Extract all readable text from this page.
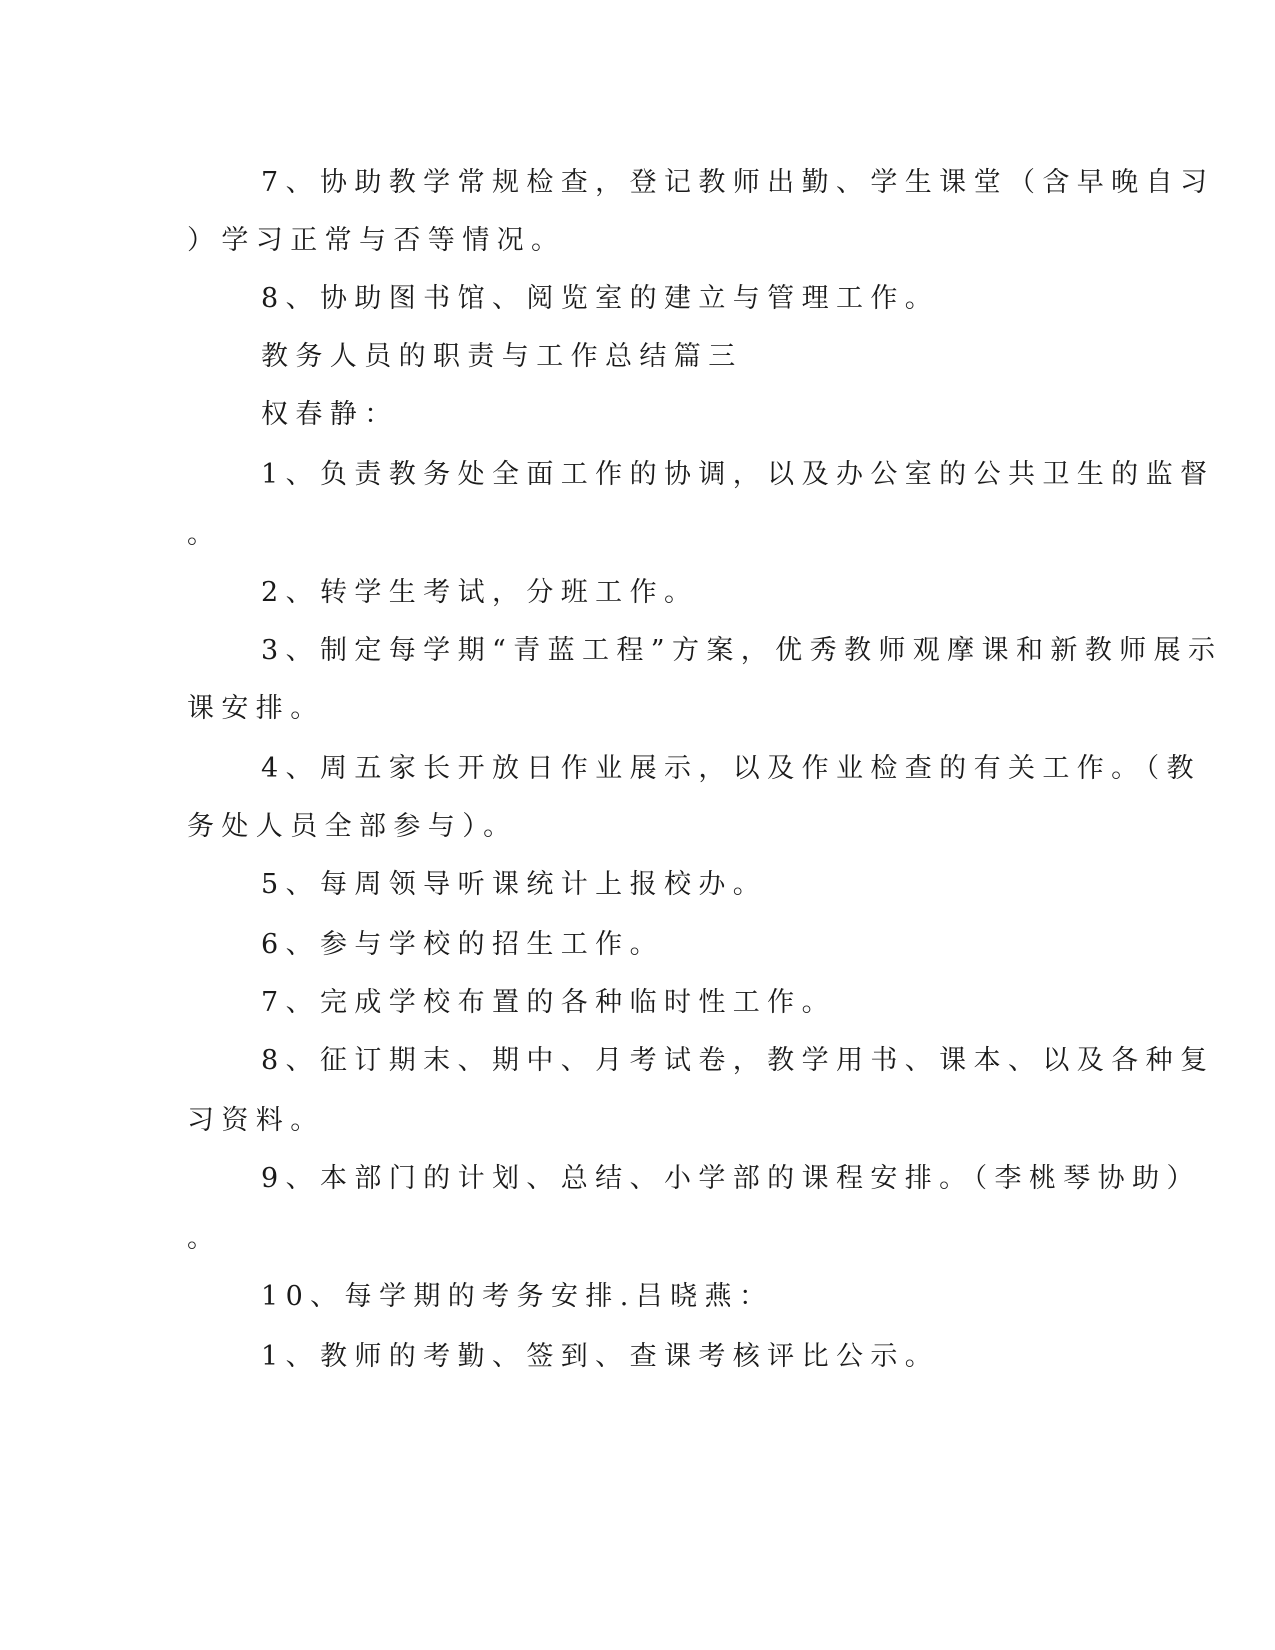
7、协助教学常规检查，登记教师出勤、学生课堂（含早晚自习
）学习正常与否等情况。
8、协助图书馆、阅览室的建立与管理工作。
教务人员的职责与工作总结篇三
权春静：
1、负责教务处全面工作的协调，以及办公室的公共卫生的监督
。
2、转学生考试，分班工作。
3、制定每学期“青蓝工程”方案，优秀教师观摩课和新教师展示
课安排。
4、周五家长开放日作业展示，以及作业检查的有关工作。（教
务处人员全部参与）。
5、每周领导听课统计上报校办。
6、参与学校的招生工作。
7、完成学校布置的各种临时性工作。
8、征订期末、期中、月考试卷，教学用书、课本、以及各种复
习资料。
9、本部门的计划、总结、小学部的课程安排。（李桃琴协助）
。
10、每学期的考务安排.吕晓燕：
1、教师的考勤、签到、查课考核评比公示。
